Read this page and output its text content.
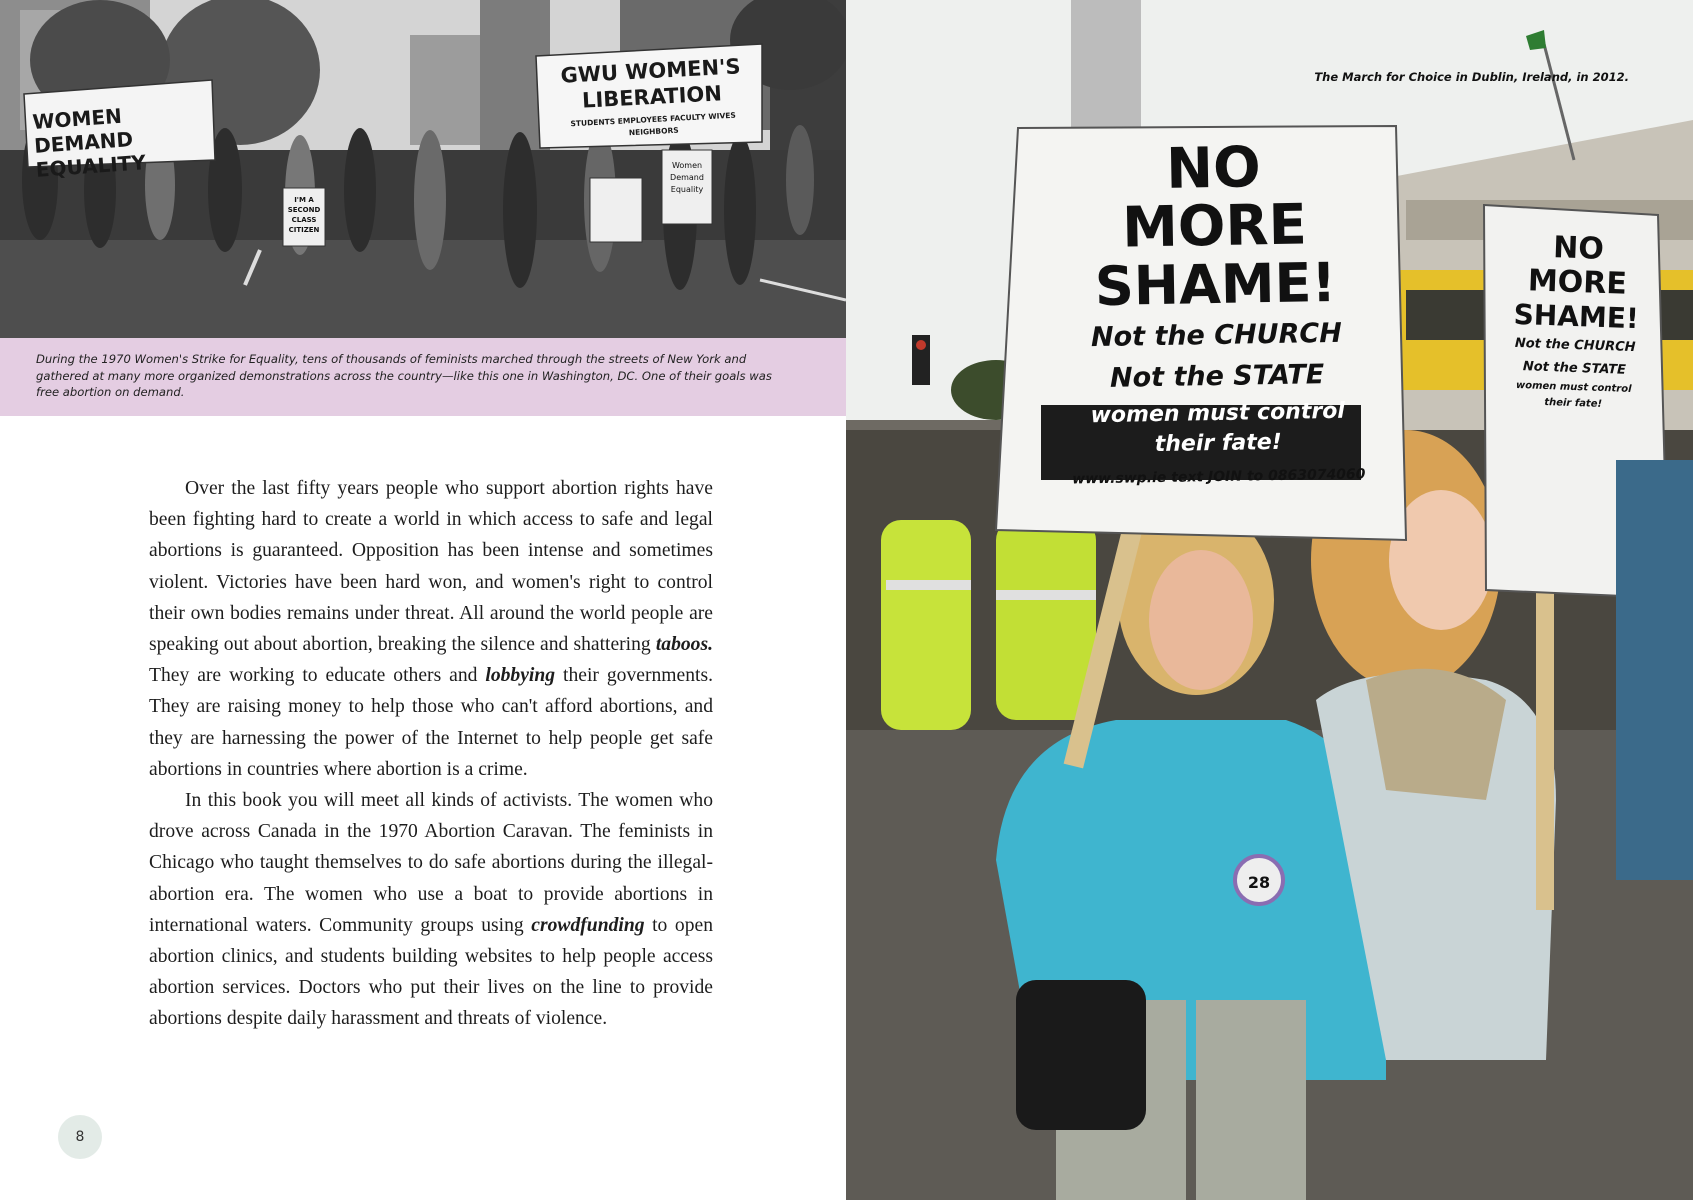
WOMEN DEMAND EQUALITY
GWU WOMEN'S LIBERATION
STUDENTS EMPLOYEES FACULTY WIVES NEIGHBORS
I'M A SECOND CLASS CITIZEN
Women Demand Equality

During the 1970 Women's Strike for Equality, tens of thousands of feminists marched through the streets of New York and gathered at many more organized demonstrations across the country—like this one in Washington, DC. One of their goals was free abortion on demand.

Over the last fifty years people who support abortion rights have been fighting hard to create a world in which access to safe and legal abortions is guaranteed. Opposition has been intense and sometimes violent. Victories have been hard won, and women's right to control their own bodies remains under threat. All around the world people are speaking out about abortion, breaking the silence and shattering taboos. They are working to educate others and lobbying their governments. They are raising money to help those who can't afford abortions, and they are harnessing the power of the Internet to help people get safe abortions in countries where abortion is a crime.

In this book you will meet all kinds of activists. The women who drove across Canada in the 1970 Abortion Caravan. The feminists in Chicago who taught themselves to do safe abortions during the illegal-abortion era. The women who use a boat to provide abortions in international waters. Community groups using crowdfunding to open abortion clinics, and students building websites to help people access abortion services. Doctors who put their lives on the line to provide abortions despite daily harassment and threats of violence.

8
28
NO
MORE
SHAME!
Not the CHURCH
Not the STATE
women must control
their fate!
www.swp.ie text JOIN to 0863074060
NO
MORE
SHAME!
Not the CHURCH
Not the STATE
women must control
their fate!

The March for Choice in Dublin, Ireland, in 2012.
